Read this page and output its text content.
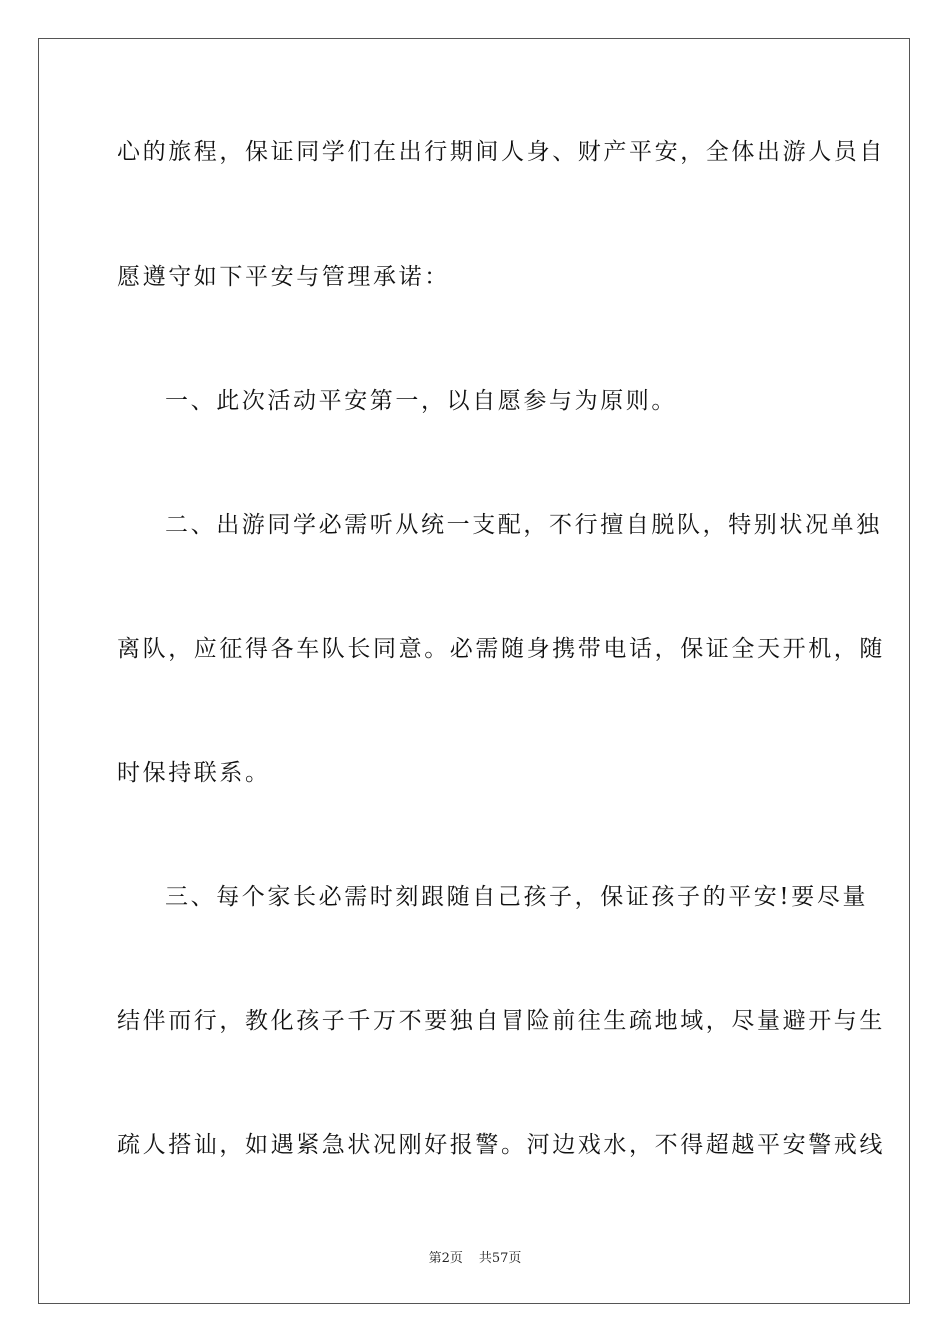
心的旅程，保证同学们在出行期间人身、财产平安，全体出游人员自
愿遵守如下平安与管理承诺：
一、此次活动平安第一，以自愿参与为原则。
二、出游同学必需听从统一支配，不行擅自脱队，特别状况单独
离队，应征得各车队长同意。必需随身携带电话，保证全天开机，随
时保持联系。
三、每个家长必需时刻跟随自己孩子，保证孩子的平安!要尽量
结伴而行，教化孩子千万不要独自冒险前往生疏地域，尽量避开与生
疏人搭讪，如遇紧急状况刚好报警。河边戏水，不得超越平安警戒线
第2页 共57页
